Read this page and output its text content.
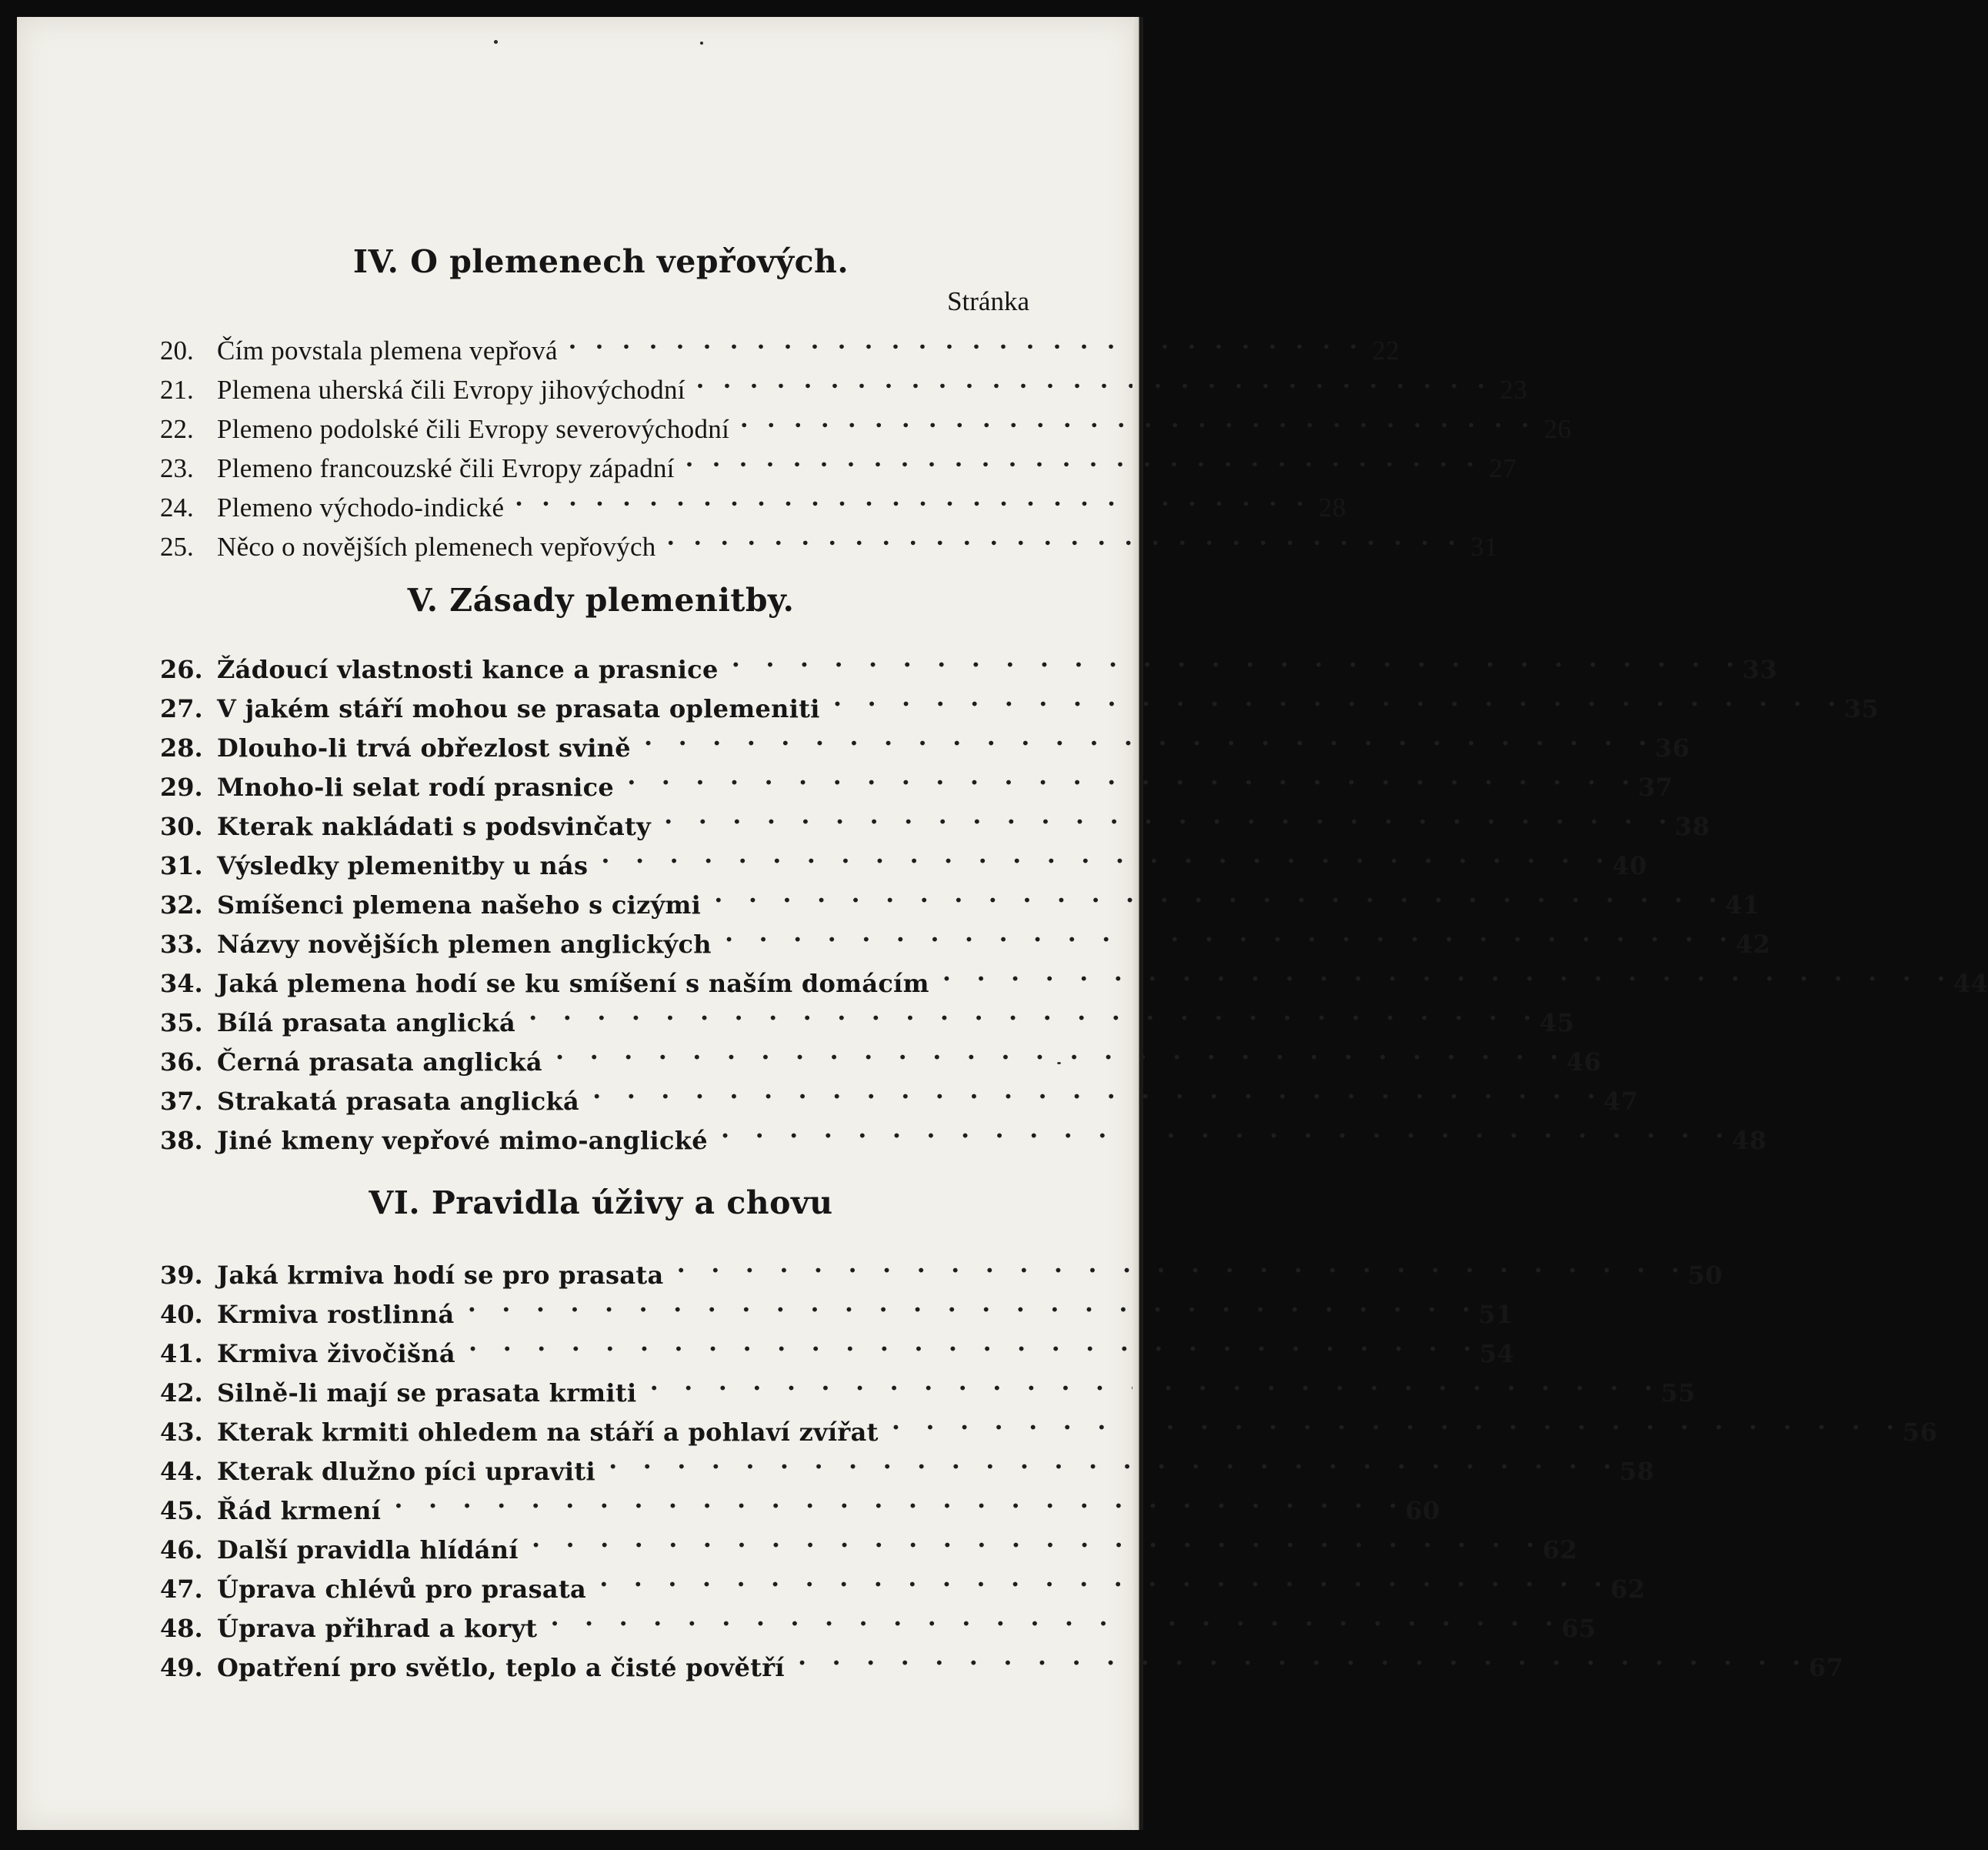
IV. O plemenech vepřových.
Stránka
20. Čím povstala plemena vepřová . .	22
21. Plemena uherská čili Evropy jihovýchodní . .	23
22. Plemeno podolské čili Evropy severovýchodní . .	26
23. Plemeno francouzské čili Evropy západní . .	27
24. Plemeno východo-indické . .	28
25. Něco o novějších plemenech vepřových . .	31
V. Zásady plemenitby.
26. Žádoucí vlastnosti kance a prasnice . .	33
27. V jakém stáří mohou se prasata oplemeniti . .	35
28. Dlouho-li trvá obřezlost svině . .	36
29. Mnoho-li selat rodí prasnice . .	37
30. Kterak nakládati s podsvinčaty . .	38
31. Výsledky plemenitby u nás . .	40
32. Smíšenci plemena našeho s cizými . .	41
33. Názvy novějších plemen anglických . .	42
34. Jaká plemena hodí se ku smíšení s naším domácím . .	44
35. Bílá prasata anglická . .	45
36. Černá prasata anglická . .	46
37. Strakatá prasata anglická . .	47
38. Jiné kmeny vepřové mimo-anglické . .	48
VI. Pravidla úživy a chovu
39. Jaká krmiva hodí se pro prasata . .	50
40. Krmiva rostlinná . .	51
41. Krmiva živočišná . .	54
42. Silně-li mají se prasata krmiti . .	55
43. Kterak krmiti ohledem na stáří a pohlaví zvířat . .	56
44. Kterak dlužno píci upraviti . .	58
45. Řád krmení . .	60
46. Další pravidla hlídání . .	62
47. Úprava chlévů pro prasata . .	62
48. Úprava přihrad a koryt . .	65
49. Opatření pro světlo, teplo a čisté povětří . .	67
